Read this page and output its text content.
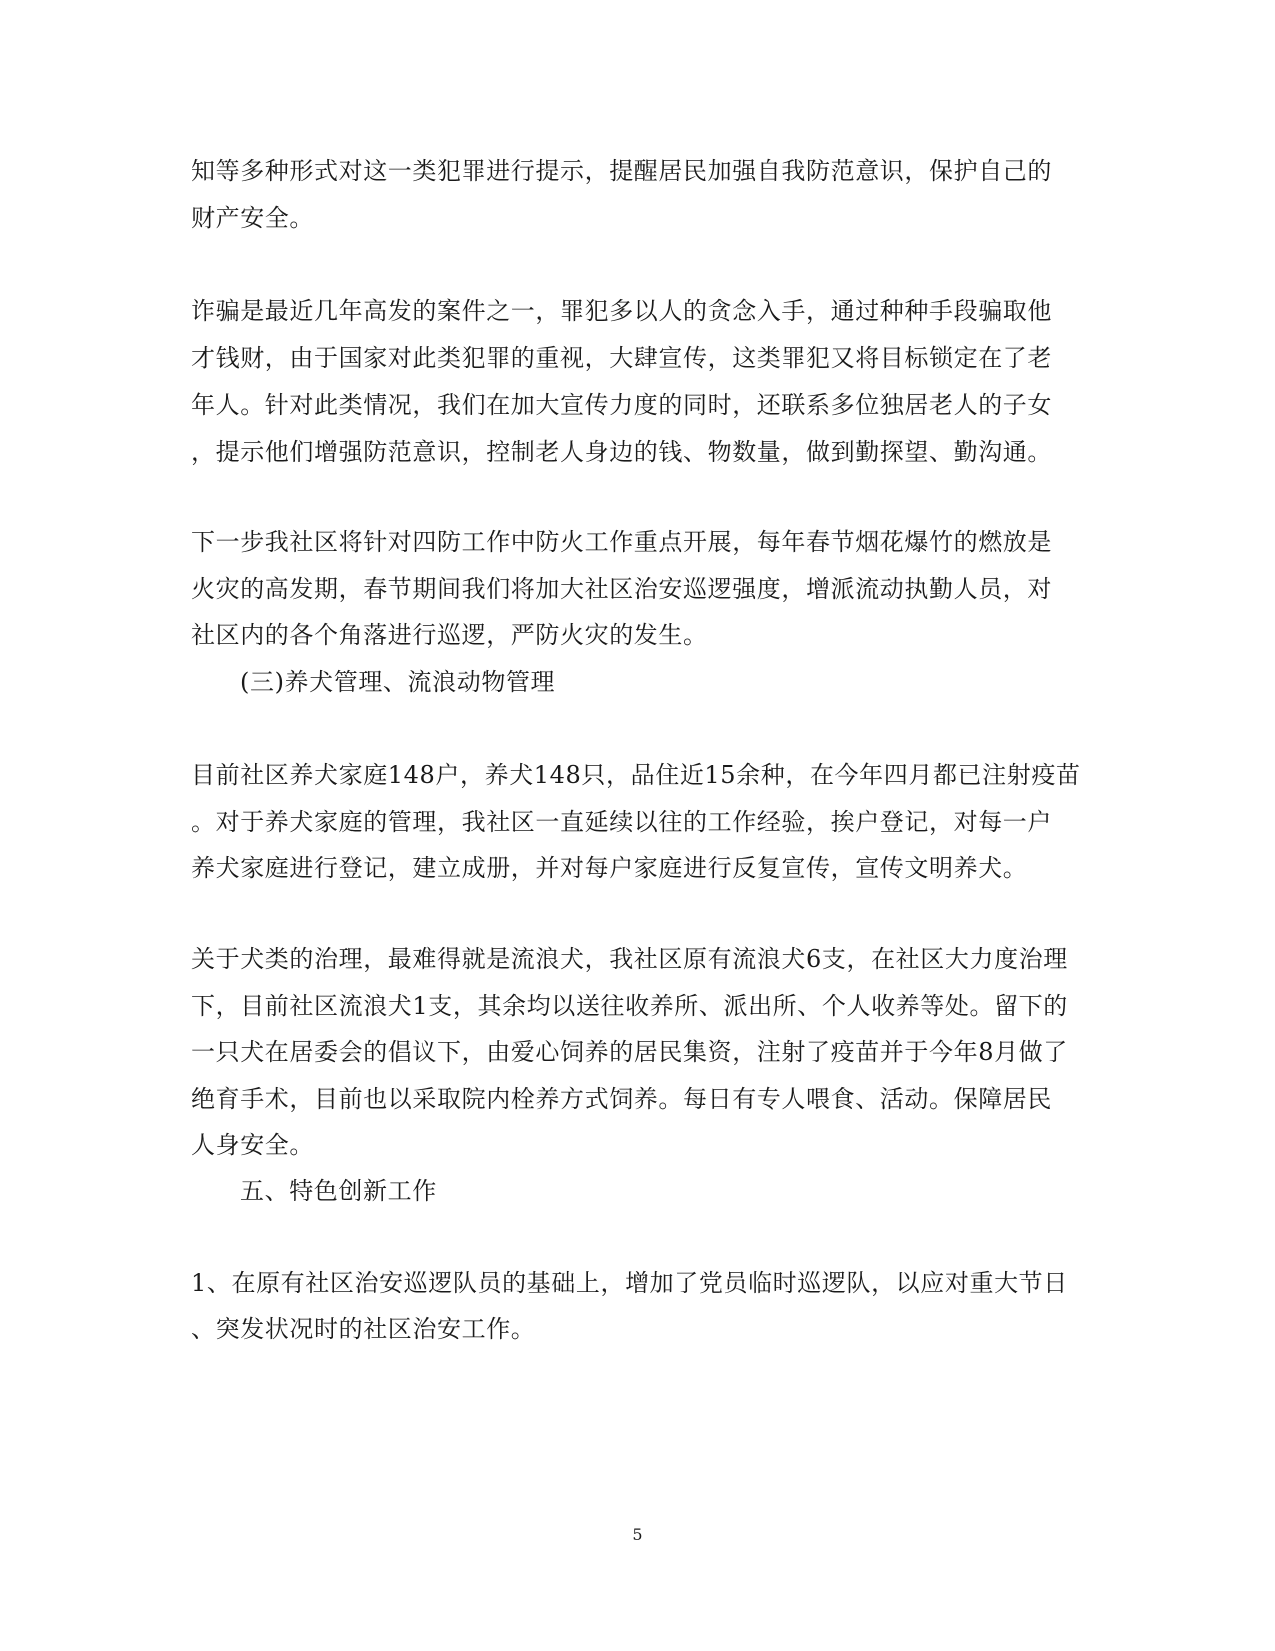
知等多种形式对这一类犯罪进行提示，提醒居民加强自我防范意识，保护自己的
财产安全。
诈骗是最近几年高发的案件之一，罪犯多以人的贪念入手，通过种种手段骗取他
才钱财，由于国家对此类犯罪的重视，大肆宣传，这类罪犯又将目标锁定在了老
年人。针对此类情况，我们在加大宣传力度的同时，还联系多位独居老人的子女
，提示他们增强防范意识，控制老人身边的钱、物数量，做到勤探望、勤沟通。
下一步我社区将针对四防工作中防火工作重点开展，每年春节烟花爆竹的燃放是
火灾的高发期，春节期间我们将加大社区治安巡逻强度，增派流动执勤人员，对
社区内的各个角落进行巡逻，严防火灾的发生。
(三)养犬管理、流浪动物管理
目前社区养犬家庭148户，养犬148只，品住近15余种，在今年四月都已注射疫苗
。对于养犬家庭的管理，我社区一直延续以往的工作经验，挨户登记，对每一户
养犬家庭进行登记，建立成册，并对每户家庭进行反复宣传，宣传文明养犬。
关于犬类的治理，最难得就是流浪犬，我社区原有流浪犬6支，在社区大力度治理
下，目前社区流浪犬1支，其余均以送往收养所、派出所、个人收养等处。留下的
一只犬在居委会的倡议下，由爱心饲养的居民集资，注射了疫苗并于今年8月做了
绝育手术，目前也以采取院内栓养方式饲养。每日有专人喂食、活动。保障居民
人身安全。
五、特色创新工作
1、在原有社区治安巡逻队员的基础上，增加了党员临时巡逻队，以应对重大节日
、突发状况时的社区治安工作。
5
